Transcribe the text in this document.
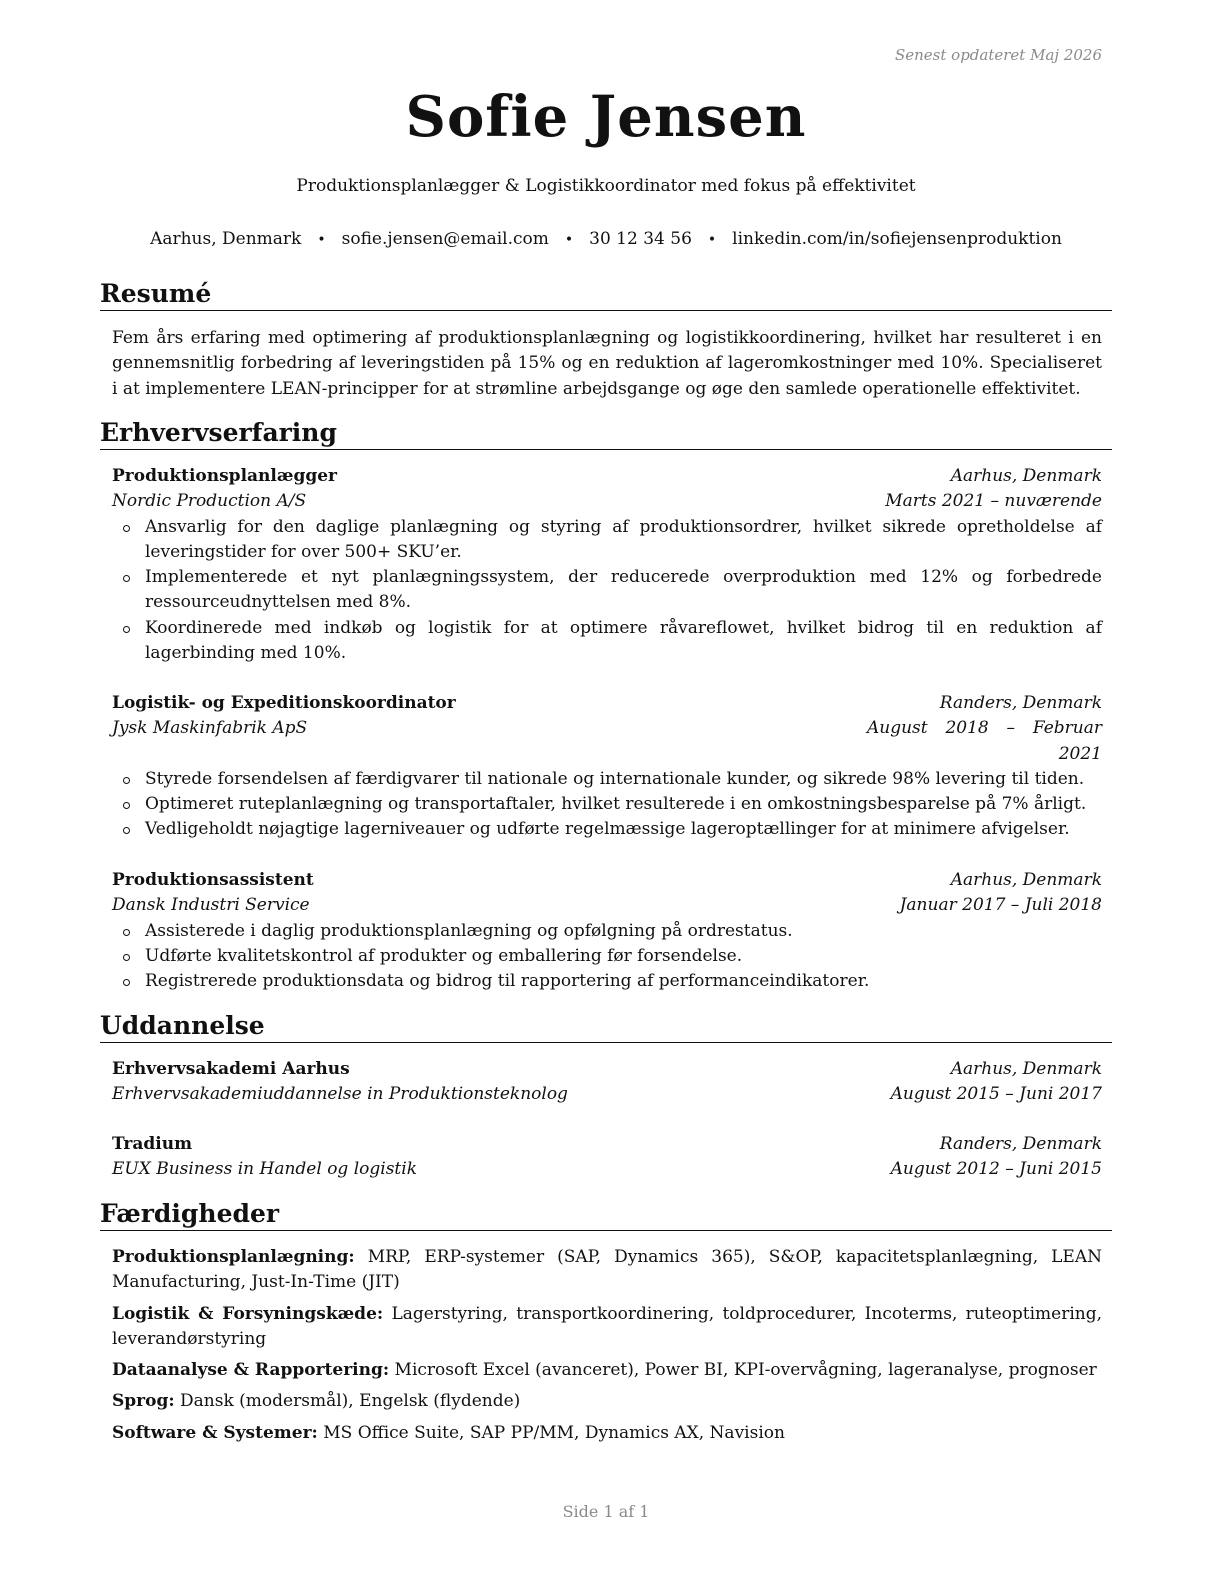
Senest opdateret Maj 2026
Sofie Jensen
Produktionsplanlægger & Logistikkoordinator med fokus på effektivitet
Aarhus, Denmark • sofie.jensen@email.com • 30 12 34 56 • linkedin.com/in/sofiejensenproduktion
Resumé
Fem års erfaring med optimering af produktionsplanlægning og logistikkoordinering, hvilket har resulteret i en gennemsnitlig forbedring af leveringstiden på 15% og en reduktion af lageromkostninger med 10%. Specialiseret i at implementere LEAN-principper for at strømline arbejdsgange og øge den samlede operationelle effektivitet.
Erhvervserfaring
Produktionsplanlægger	Aarhus, Denmark
Nordic Production A/S	Marts 2021 – nuværende
Ansvarlig for den daglige planlægning og styring af produktionsordrer, hvilket sikrede opretholdelse af leveringstider for over 500+ SKU’er.
Implementerede et nyt planlægningssystem, der reducerede overproduktion med 12% og forbedrede ressourceudnyttelsen med 8%.
Koordinerede med indkøb og logistik for at optimere råvareflowet, hvilket bidrog til en reduktion af lagerbinding med 10%.
Logistik- og Expeditionskoordinator	Randers, Denmark
Jysk Maskinfabrik ApS	August 2018 – Februar 2021
Styrede forsendelsen af færdigvarer til nationale og internationale kunder, og sikrede 98% levering til tiden.
Optimeret ruteplanlægning og transportaftaler, hvilket resulterede i en omkostningsbesparelse på 7% årligt.
Vedligeholdt nøjagtige lagerniveauer og udførte regelmæssige lageroptællinger for at minimere afvigelser.
Produktionsassistent	Aarhus, Denmark
Dansk Industri Service	Januar 2017 – Juli 2018
Assisterede i daglig produktionsplanlægning og opfølgning på ordrestatus.
Udførte kvalitetskontrol af produkter og emballering før forsendelse.
Registrerede produktionsdata og bidrog til rapportering af performanceindikatorer.
Uddannelse
Erhvervsakademi Aarhus	Aarhus, Denmark
Erhvervsakademiuddannelse in Produktionsteknolog	August 2015 – Juni 2017
Tradium	Randers, Denmark
EUX Business in Handel og logistik	August 2012 – Juni 2015
Færdigheder
Produktionsplanlægning: MRP, ERP-systemer (SAP, Dynamics 365), S&OP, kapacitetsplanlægning, LEAN Manufacturing, Just-In-Time (JIT)
Logistik & Forsyningskæde: Lagerstyring, transportkoordinering, toldprocedurer, Incoterms, ruteoptimering, leverandørstyring
Dataanalyse & Rapportering: Microsoft Excel (avanceret), Power BI, KPI-overvågning, lageranalyse, prognoser
Sprog: Dansk (modersmål), Engelsk (flydende)
Software & Systemer: MS Office Suite, SAP PP/MM, Dynamics AX, Navision
Side 1 af 1
